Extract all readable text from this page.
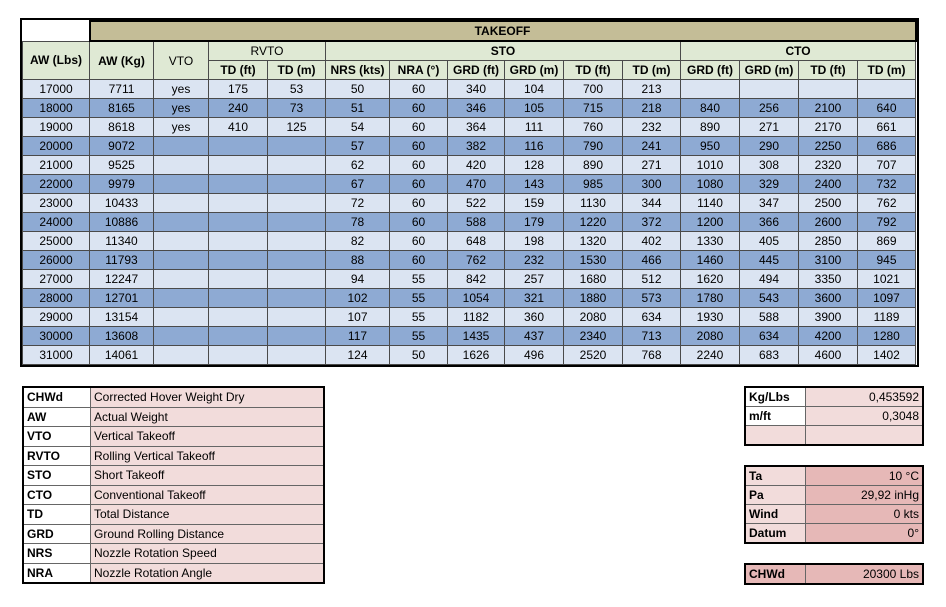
	TAKEOFF													
AW (Lbs)	AW (Kg)	VTO	RVTO		STO						CTO			
			TD (ft)	TD (m)	NRS (kts)	NRA (°)	GRD (ft)	GRD (m)	TD (ft)	TD (m)	GRD (ft)	GRD (m)	TD (ft)	TD (m)
17000	7711	yes	175	53	50	60	340	104	700	213				
18000	8165	yes	240	73	51	60	346	105	715	218	840	256	2100	640
19000	8618	yes	410	125	54	60	364	111	760	232	890	271	2170	661
20000	9072				57	60	382	116	790	241	950	290	2250	686
21000	9525				62	60	420	128	890	271	1010	308	2320	707
22000	9979				67	60	470	143	985	300	1080	329	2400	732
23000	10433				72	60	522	159	1130	344	1140	347	2500	762
24000	10886				78	60	588	179	1220	372	1200	366	2600	792
25000	11340				82	60	648	198	1320	402	1330	405	2850	869
26000	11793				88	60	762	232	1530	466	1460	445	3100	945
27000	12247				94	55	842	257	1680	512	1620	494	3350	1021
28000	12701				102	55	1054	321	1880	573	1780	543	3600	1097
29000	13154				107	55	1182	360	2080	634	1930	588	3900	1189
30000	13608				117	55	1435	437	2340	713	2080	634	4200	1280
31000	14061				124	50	1626	496	2520	768	2240	683	4600	1402
CHWd	Corrected Hover Weight Dry
AW	Actual Weight
VTO	Vertical Takeoff
RVTO	Rolling Vertical Takeoff
STO	Short Takeoff
CTO	Conventional Takeoff
TD	Total Distance
GRD	Ground Rolling Distance
NRS	Nozzle Rotation Speed
NRA	Nozzle Rotation Angle
Kg/Lbs	0,453592
m/ft	0,3048

Ta	10 °C
Pa	29,92 inHg
Wind	0 kts
Datum	0°
CHWd	20300 Lbs
